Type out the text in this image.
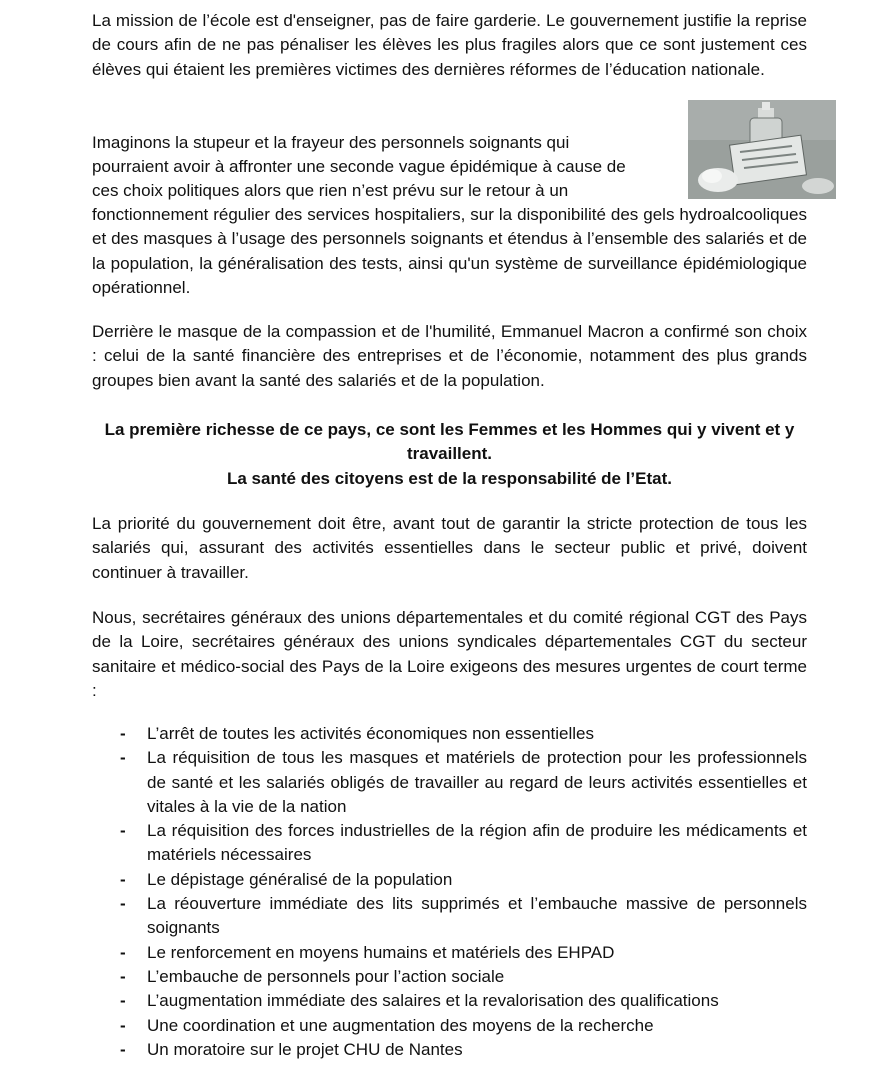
La mission de l’école est d'enseigner, pas de faire garderie. Le gouvernement justifie la reprise de cours afin de ne pas pénaliser les élèves les plus fragiles alors que ce sont justement ces élèves qui étaient les premières victimes des dernières réformes de l’éducation nationale.

Imaginons la stupeur et la frayeur des personnels soignants qui

pourraient avoir à affronter une seconde vague épidémique à cause de

ces choix politiques alors que rien n’est prévu sur le retour à un

fonctionnement régulier des services hospitaliers, sur la disponibilité des gels hydroalcooliques et des masques à l’usage des personnels soignants et étendus à l’ensemble des salariés et de la population, la généralisation des tests, ainsi qu'un système de surveillance épidémiologique opérationnel.

Derrière le masque de la compassion et de l'humilité, Emmanuel Macron a confirmé son choix : celui de la santé financière des entreprises et de l’économie, notamment des plus grands groupes bien avant la santé des salariés et de la population.

La première richesse de ce pays, ce sont les Femmes et les Hommes qui y vivent et y travaillent.

La santé des citoyens est de la responsabilité de l’Etat.

La priorité du gouvernement doit être, avant tout de garantir la stricte protection de tous les salariés qui, assurant des activités essentielles dans le secteur public et privé, doivent continuer à travailler.

Nous, secrétaires généraux des unions départementales et du comité régional CGT des Pays de la Loire, secrétaires généraux des unions syndicales départementales CGT du secteur sanitaire et médico-social des Pays de la Loire exigeons des mesures urgentes de court terme :

- L’arrêt de toutes les activités économiques non essentielles
- La réquisition de tous les masques et matériels de protection pour les professionnels de santé et les salariés obligés de travailler au regard de leurs activités essentielles et vitales à la vie de la nation
- La réquisition des forces industrielles de la région afin de produire les médicaments et matériels nécessaires
- Le dépistage généralisé de la population
- La réouverture immédiate des lits supprimés et l’embauche massive de personnels soignants
- Le renforcement en moyens humains et matériels des EHPAD
- L’embauche de personnels pour l’action sociale
- L’augmentation immédiate des salaires et la revalorisation des qualifications
- Une coordination et une augmentation des moyens de la recherche
- Un moratoire sur le projet CHU de Nantes
